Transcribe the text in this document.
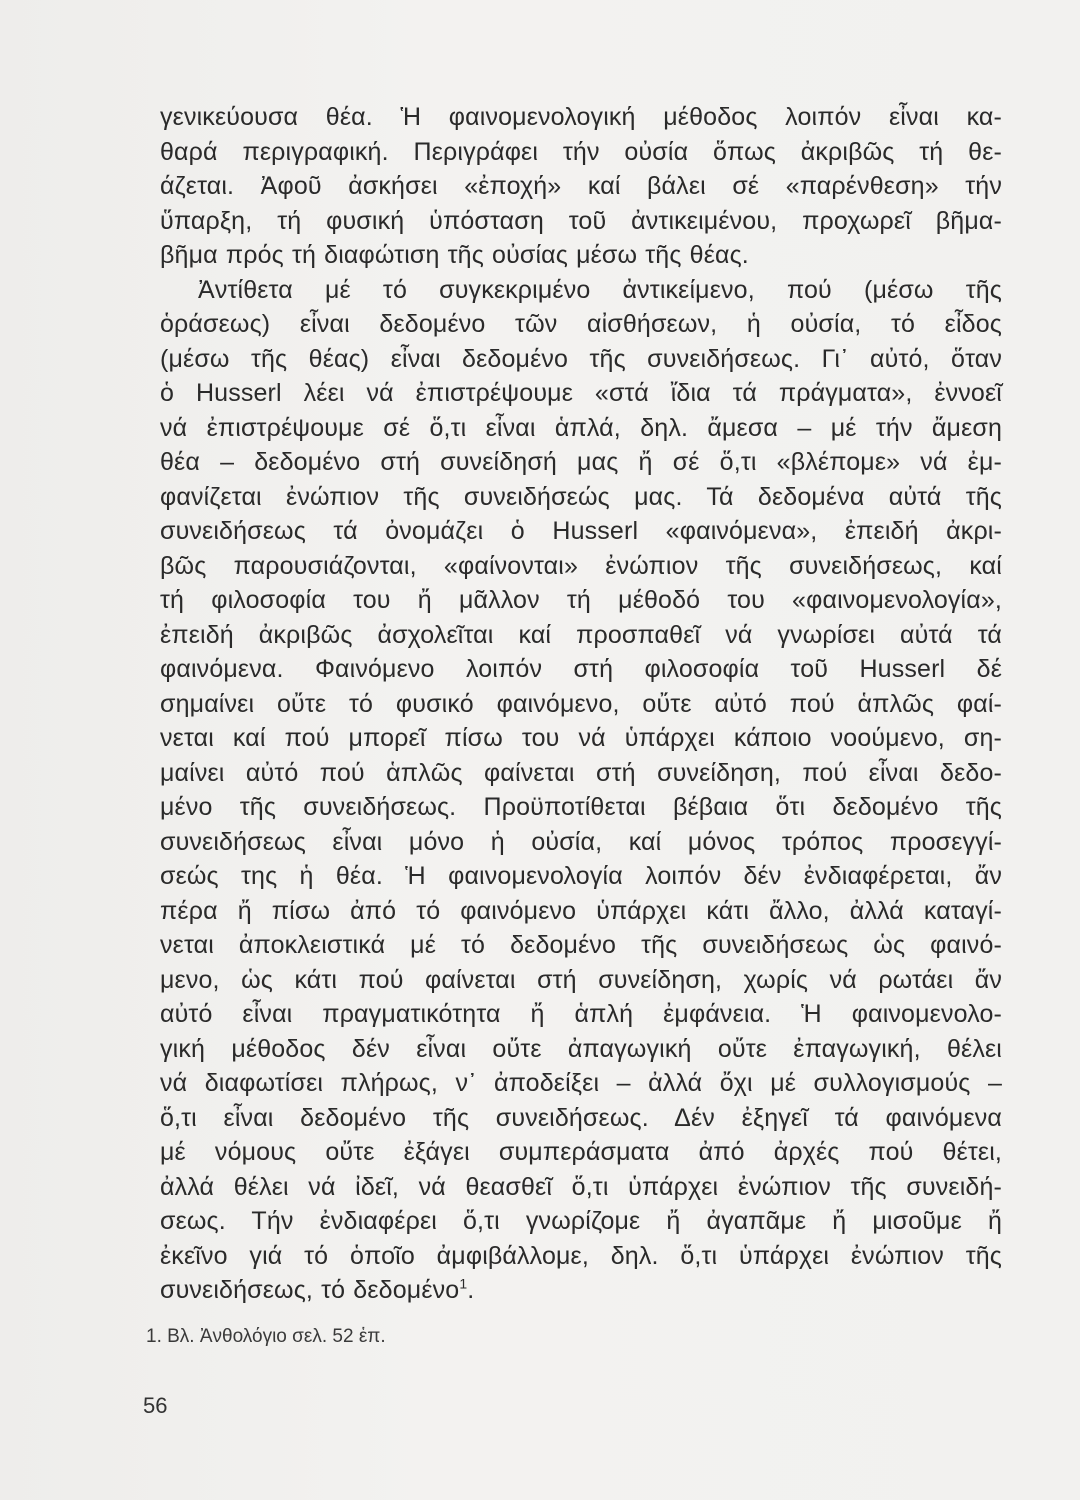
γενικεύουσα θέα. Ἡ φαινομενολογική μέθοδος λοιπόν εἶναι κα-
θαρά περιγραφική. Περιγράφει τήν οὐσία ὅπως ἀκριβῶς τή θε-
άζεται. Ἀφοῦ ἀσκήσει «ἐποχή» καί βάλει σέ «παρένθεση» τήν
ὕπαρξη, τή φυσική ὑπόσταση τοῦ ἀντικειμένου, προχωρεῖ βῆμα-
βῆμα πρός τή διαφώτιση τῆς οὐσίας μέσω τῆς θέας.
Ἀντίθετα μέ τό συγκεκριμένο ἀντικείμενο, πού (μέσω τῆς
ὁράσεως) εἶναι δεδομένο τῶν αἰσθήσεων, ἡ οὐσία, τό εἶδος
(μέσω τῆς θέας) εἶναι δεδομένο τῆς συνειδήσεως. Γι᾽ αὐτό, ὅταν
ὁ Husserl λέει νά ἐπιστρέψουμε «στά ἴδια τά πράγματα», ἐννοεῖ
νά ἐπιστρέψουμε σέ ὅ,τι εἶναι ἁπλά, δηλ. ἄμεσα – μέ τήν ἄμεση
θέα – δεδομένο στή συνείδησή μας ἤ σέ ὅ,τι «βλέπομε» νά ἐμ-
φανίζεται ἐνώπιον τῆς συνειδήσεώς μας. Τά δεδομένα αὐτά τῆς
συνειδήσεως τά ὀνομάζει ὁ Husserl «φαινόμενα», ἐπειδή ἀκρι-
βῶς παρουσιάζονται, «φαίνονται» ἐνώπιον τῆς συνειδήσεως, καί
τή φιλοσοφία του ἤ μᾶλλον τή μέθοδό του «φαινομενολογία»,
ἐπειδή ἀκριβῶς ἀσχολεῖται καί προσπαθεῖ νά γνωρίσει αὐτά τά
φαινόμενα. Φαινόμενο λοιπόν στή φιλοσοφία τοῦ Husserl δέ
σημαίνει οὔτε τό φυσικό φαινόμενο, οὔτε αὐτό πού ἁπλῶς φαί-
νεται καί πού μπορεῖ πίσω του νά ὑπάρχει κάποιο νοούμενο, ση-
μαίνει αὐτό πού ἁπλῶς φαίνεται στή συνείδηση, πού εἶναι δεδο-
μένο τῆς συνειδήσεως. Προϋποτίθεται βέβαια ὅτι δεδομένο τῆς
συνειδήσεως εἶναι μόνο ἡ οὐσία, καί μόνος τρόπος προσεγγί-
σεώς της ἡ θέα. Ἡ φαινομενολογία λοιπόν δέν ἐνδιαφέρεται, ἄν
πέρα ἤ πίσω ἀπό τό φαινόμενο ὑπάρχει κάτι ἄλλο, ἀλλά καταγί-
νεται ἀποκλειστικά μέ τό δεδομένο τῆς συνειδήσεως ὡς φαινό-
μενο, ὡς κάτι πού φαίνεται στή συνείδηση, χωρίς νά ρωτάει ἄν
αὐτό εἶναι πραγματικότητα ἤ ἁπλή ἐμφάνεια. Ἡ φαινομενολο-
γική μέθοδος δέν εἶναι οὔτε ἀπαγωγική οὔτε ἐπαγωγική, θέλει
νά διαφωτίσει πλήρως, ν᾽ ἀποδείξει – ἀλλά ὄχι μέ συλλογισμούς –
ὅ,τι εἶναι δεδομένο τῆς συνειδήσεως. Δέν ἐξηγεῖ τά φαινόμενα
μέ νόμους οὔτε ἐξάγει συμπεράσματα ἀπό ἀρχές πού θέτει,
ἀλλά θέλει νά ἰδεῖ, νά θεασθεῖ ὅ,τι ὑπάρχει ἐνώπιον τῆς συνειδή-
σεως. Τήν ἐνδιαφέρει ὅ,τι γνωρίζομε ἤ ἀγαπᾶμε ἤ μισοῦμε ἤ
ἐκεῖνο γιά τό ὁποῖο ἀμφιβάλλομε, δηλ. ὅ,τι ὑπάρχει ἐνώπιον τῆς
συνειδήσεως, τό δεδομένο$^1$.
1. Βλ. Ἀνθολόγιο σελ. 52 ἑπ.
56
